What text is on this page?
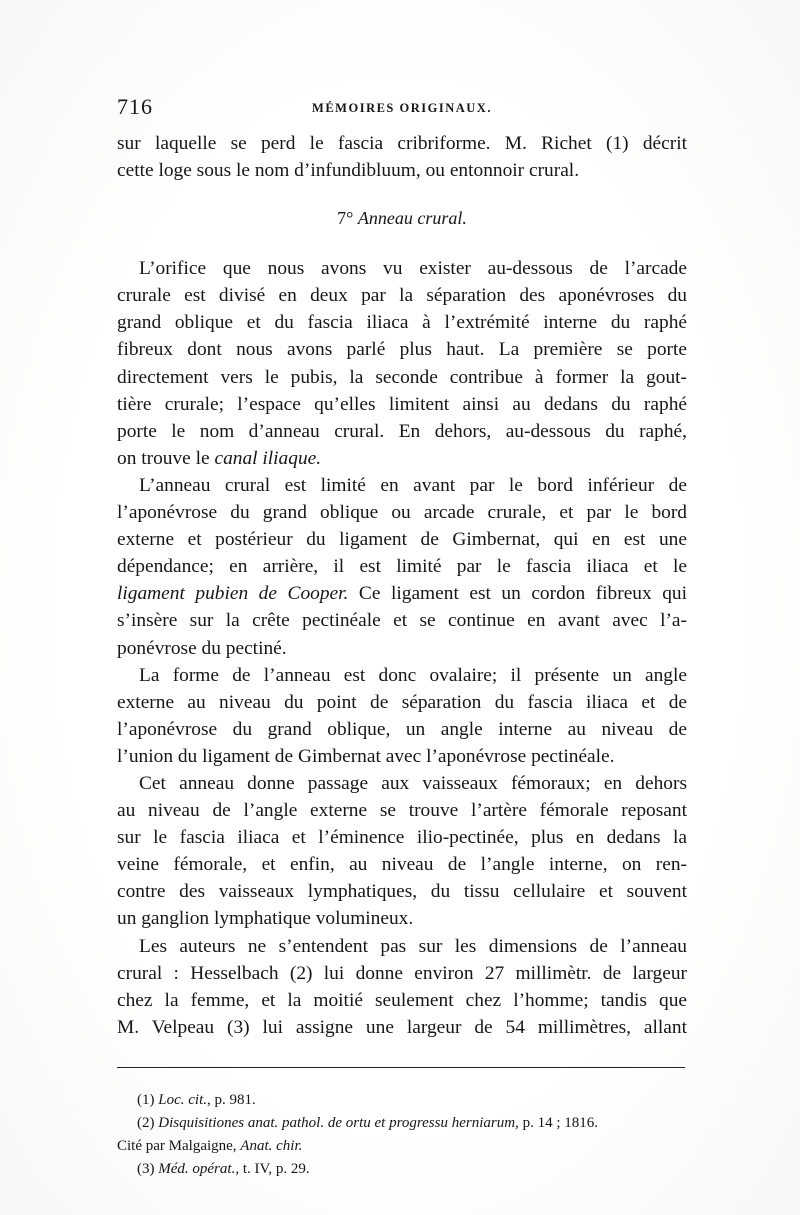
716	MÉMOIRES ORIGINAUX.

sur laquelle se perd le fascia cribriforme. M. Richet (1) décrit
cette loge sous le nom d’infundibluum, ou entonnoir crural.

7° Anneau crural.

L’orifice que nous avons vu exister au-dessous de l’arcade
crurale est divisé en deux par la séparation des aponévroses du
grand oblique et du fascia iliaca à l’extrémité interne du raphé
fibreux dont nous avons parlé plus haut. La première se porte
directement vers le pubis, la seconde contribue à former la gout-
tière crurale; l’espace qu’elles limitent ainsi au dedans du raphé
porte le nom d’anneau crural. En dehors, au-dessous du raphé,
on trouve le canal iliaque.

L’anneau crural est limité en avant par le bord inférieur de
l’aponévrose du grand oblique ou arcade crurale, et par le bord
externe et postérieur du ligament de Gimbernat, qui en est une
dépendance; en arrière, il est limité par le fascia iliaca et le
ligament pubien de Cooper. Ce ligament est un cordon fibreux qui
s’insère sur la crête pectinéale et se continue en avant avec l’a-
ponévrose du pectiné.

La forme de l’anneau est donc ovalaire; il présente un angle
externe au niveau du point de séparation du fascia iliaca et de
l’aponévrose du grand oblique, un angle interne au niveau de
l’union du ligament de Gimbernat avec l’aponévrose pectinéale.

Cet anneau donne passage aux vaisseaux fémoraux; en dehors
au niveau de l’angle externe se trouve l’artère fémorale reposant
sur le fascia iliaca et l’éminence ilio-pectinée, plus en dedans la
veine fémorale, et enfin, au niveau de l’angle interne, on ren-
contre des vaisseaux lymphatiques, du tissu cellulaire et souvent
un ganglion lymphatique volumineux.

Les auteurs ne s’entendent pas sur les dimensions de l’anneau
crural : Hesselbach (2) lui donne environ 27 millimètr. de largeur
chez la femme, et la moitié seulement chez l’homme; tandis que
M. Velpeau (3) lui assigne une largeur de 54 millimètres, allant

(1) Loc. cit., p. 981.
(2) Disquisitiones anat. pathol. de ortu et progressu herniarum, p. 14 ; 1816.
Cité par Malgaigne, Anat. chir.
(3) Méd. opérat., t. IV, p. 29.
